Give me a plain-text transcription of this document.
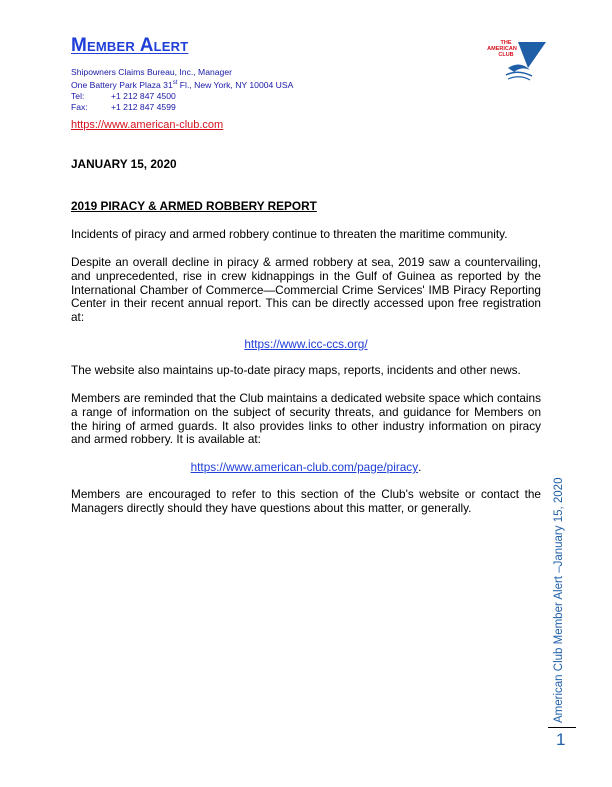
Member Alert
Shipowners Claims Bureau, Inc., Manager
One Battery Park Plaza 31st Fl., New York, NY 10004 USA
Tel:	+1 212 847 4500
Fax:	+1 212 847 4599
https://www.american-club.com
THE
AMERICAN
CLUB
JANUARY 15, 2020
2019 PIRACY & ARMED ROBBERY REPORT
Incidents of piracy and armed robbery continue to threaten the maritime community.
Despite an overall decline in piracy & armed robbery at sea, 2019 saw a countervailing, and unprecedented, rise in crew kidnappings in the Gulf of Guinea as reported by the International Chamber of Commerce—Commercial Crime Services' IMB Piracy Reporting Center in their recent annual report. This can be directly accessed upon free registration at:
https://www.icc-ccs.org/
The website also maintains up-to-date piracy maps, reports, incidents and other news.
Members are reminded that the Club maintains a dedicated website space which contains a range of information on the subject of security threats, and guidance for Members on the hiring of armed guards. It also provides links to other industry information on piracy and armed robbery. It is available at:
https://www.american-club.com/page/piracy.
Members are encouraged to refer to this section of the Club's website or contact the Managers directly should they have questions about this matter, or generally.	American Club Member Alert –January 15, 2020
1
